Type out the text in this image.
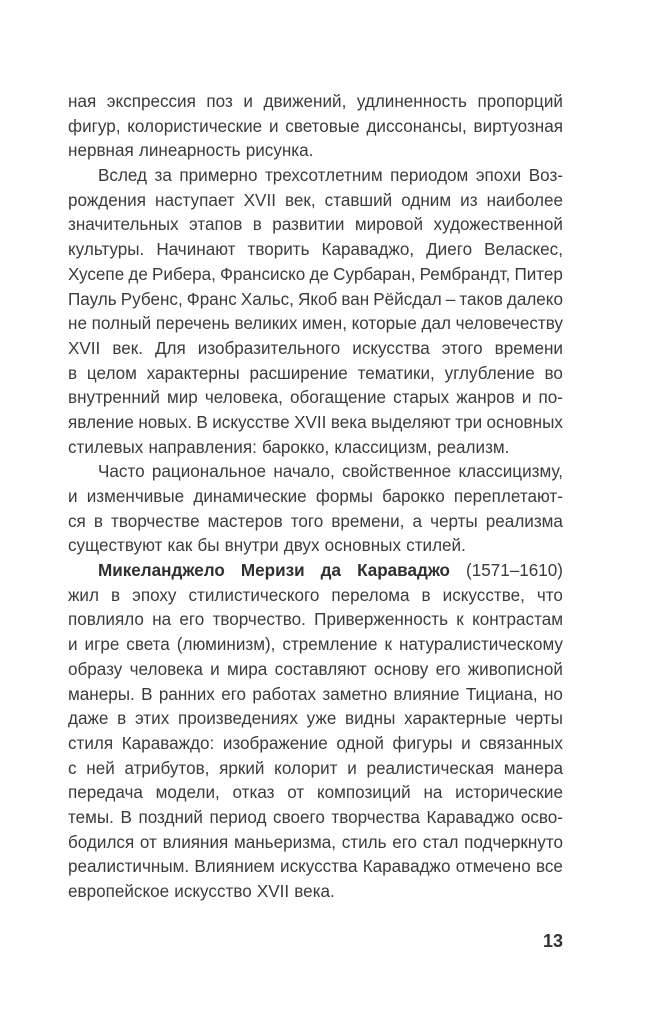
ная экспрессия поз и движений, удлиненность пропорций
фигур, колористические и световые диссонансы, виртуозная
нервная линеарность рисунка.
Вслед за примерно трехсотлетним периодом эпохи Воз-
рождения наступает XVII век, ставший одним из наиболее
значительных этапов в развитии мировой художественной
культуры. Начинают творить Караваджо, Диего Веласкес,
Хусепе де Рибера, Франсиско де Сурбаран, Рембрандт, Питер
Пауль Рубенс, Франс Хальс, Якоб ван Рёйсдал – таков далеко
не полный перечень великих имен, которые дал человечеству
XVII век. Для изобразительного искусства этого времени
в целом характерны расширение тематики, углубление во
внутренний мир человека, обогащение старых жанров и по-
явление новых. В искусстве XVII века выделяют три основных
стилевых направления: барокко, классицизм, реализм.
Часто рациональное начало, свойственное классицизму,
и изменчивые динамические формы барокко переплетают-
ся в творчестве мастеров того времени, а черты реализма
существуют как бы внутри двух основных стилей.
Микеланджело Меризи да Караваджо (1571–1610)
жил в эпоху стилистического перелома в искусстве, что
повлияло на его творчество. Приверженность к контрастам
и игре света (люминизм), стремление к натуралистическому
образу человека и мира составляют основу его живописной
манеры. В ранних его работах заметно влияние Тициана, но
даже в этих произведениях уже видны характерные черты
стиля Караваждо: изображение одной фигуры и связанных
с ней атрибутов, яркий колорит и реалистическая манера
передача модели, отказ от композиций на исторические
темы. В поздний период своего творчества Караваджо осво-
бодился от влияния маньеризма, стиль его стал подчеркнуто
реалистичным. Влиянием искусства Караваджо отмечено все
европейское искусство XVII века.
13
